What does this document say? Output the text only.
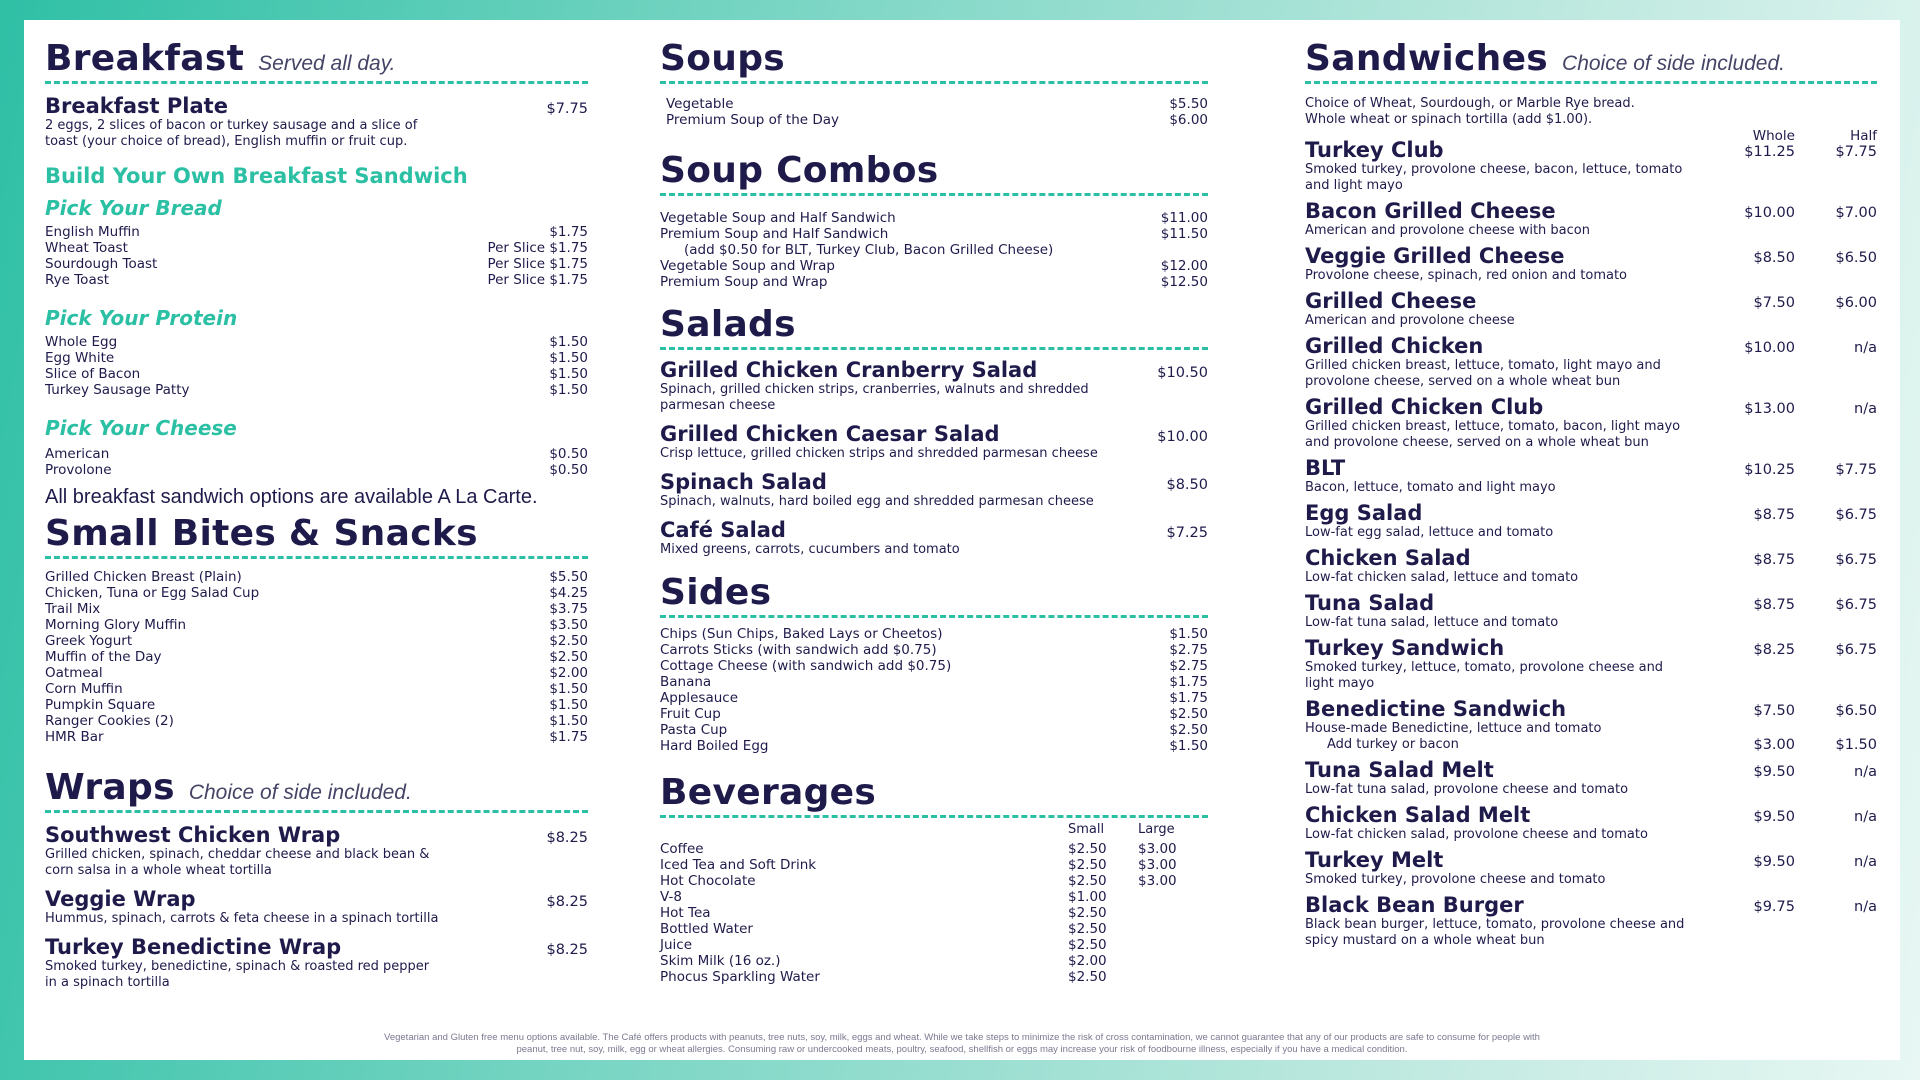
Breakfast Served all day.
Breakfast Plate	$7.75
2 eggs, 2 slices of bacon or turkey sausage and a slice of toast (your choice of bread), English muffin or fruit cup.
Build Your Own Breakfast Sandwich
Pick Your Bread
English Muffin	$1.75
Wheat Toast	Per Slice $1.75
Sourdough Toast	Per Slice $1.75
Rye Toast	Per Slice $1.75
Pick Your Protein
Whole Egg	$1.50
Egg White	$1.50
Slice of Bacon	$1.50
Turkey Sausage Patty	$1.50
Pick Your Cheese
American	$0.50
Provolone	$0.50
All breakfast sandwich options are available A La Carte.
Small Bites & Snacks
Grilled Chicken Breast (Plain)	$5.50
Chicken, Tuna or Egg Salad Cup	$4.25
Trail Mix	$3.75
Morning Glory Muffin	$3.50
Greek Yogurt	$2.50
Muffin of the Day	$2.50
Oatmeal	$2.00
Corn Muffin	$1.50
Pumpkin Square	$1.50
Ranger Cookies (2)	$1.50
HMR Bar	$1.75
Wraps Choice of side included.
Southwest Chicken Wrap	$8.25
Grilled chicken, spinach, cheddar cheese and black bean & corn salsa in a whole wheat tortilla
Veggie Wrap	$8.25
Hummus, spinach, carrots & feta cheese in a spinach tortilla
Turkey Benedictine Wrap	$8.25
Smoked turkey, benedictine, spinach & roasted red pepper in a spinach tortilla
Soups
Vegetable	$5.50
Premium Soup of the Day	$6.00
Soup Combos
Vegetable Soup and Half Sandwich	$11.00
Premium Soup and Half Sandwich	$11.50
(add $0.50 for BLT, Turkey Club, Bacon Grilled Cheese)
Vegetable Soup and Wrap	$12.00
Premium Soup and Wrap	$12.50
Salads
Grilled Chicken Cranberry Salad	$10.50
Spinach, grilled chicken strips, cranberries, walnuts and shredded parmesan cheese
Grilled Chicken Caesar Salad	$10.00
Crisp lettuce, grilled chicken strips and shredded parmesan cheese
Spinach Salad	$8.50
Spinach, walnuts, hard boiled egg and shredded parmesan cheese
Café Salad	$7.25
Mixed greens, carrots, cucumbers and tomato
Sides
Chips (Sun Chips, Baked Lays or Cheetos)	$1.50
Carrots Sticks (with sandwich add $0.75)	$2.75
Cottage Cheese (with sandwich add $0.75)	$2.75
Banana	$1.75
Applesauce	$1.75
Fruit Cup	$2.50
Pasta Cup	$2.50
Hard Boiled Egg	$1.50
Beverages
Small	Large
Coffee	$2.50	$3.00
Iced Tea and Soft Drink	$2.50	$3.00
Hot Chocolate	$2.50	$3.00
V-8	$1.00
Hot Tea	$2.50
Bottled Water	$2.50
Juice	$2.50
Skim Milk (16 oz.)	$2.00
Phocus Sparkling Water	$2.50
Sandwiches Choice of side included.
Choice of Wheat, Sourdough, or Marble Rye bread.
Whole wheat or spinach tortilla (add $1.00).
Whole	Half
Turkey Club
Smoked turkey, provolone cheese, bacon, lettuce, tomato and light mayo
$11.25	$7.75
Bacon Grilled Cheese
American and provolone cheese with bacon
$10.00	$7.00
Veggie Grilled Cheese
Provolone cheese, spinach, red onion and tomato
$8.50	$6.50
Grilled Cheese
American and provolone cheese
$7.50	$6.00
Grilled Chicken
Grilled chicken breast, lettuce, tomato, light mayo and provolone cheese, served on a whole wheat bun
$10.00	n/a
Grilled Chicken Club
Grilled chicken breast, lettuce, tomato, bacon, light mayo and provolone cheese, served on a whole wheat bun
$13.00	n/a
BLT
Bacon, lettuce, tomato and light mayo
$10.25	$7.75
Egg Salad
Low-fat egg salad, lettuce and tomato
$8.75	$6.75
Chicken Salad
Low-fat chicken salad, lettuce and tomato
$8.75	$6.75
Tuna Salad
Low-fat tuna salad, lettuce and tomato
$8.75	$6.75
Turkey Sandwich
Smoked turkey, lettuce, tomato, provolone cheese and light mayo
$8.25	$6.75
Benedictine Sandwich
House-made Benedictine, lettuce and tomato
$7.50	$6.50
Add turkey or bacon	$3.00	$1.50
Tuna Salad Melt
Low-fat tuna salad, provolone cheese and tomato
$9.50	n/a
Chicken Salad Melt
Low-fat chicken salad, provolone cheese and tomato
$9.50	n/a
Turkey Melt
Smoked turkey, provolone cheese and tomato
$9.50	n/a
Black Bean Burger
Black bean burger, lettuce, tomato, provolone cheese and spicy mustard on a whole wheat bun
$9.75	n/a
Vegetarian and Gluten free menu options available. The Café offers products with peanuts, tree nuts, soy, milk, eggs and wheat. While we take steps to minimize the risk of cross contamination, we cannot guarantee that any of our products are safe to consume for people with
peanut, tree nut, soy, milk, egg or wheat allergies. Consuming raw or undercooked meats, poultry, seafood, shellfish or eggs may increase your risk of foodbourne illness, especially if you have a medical condition.
